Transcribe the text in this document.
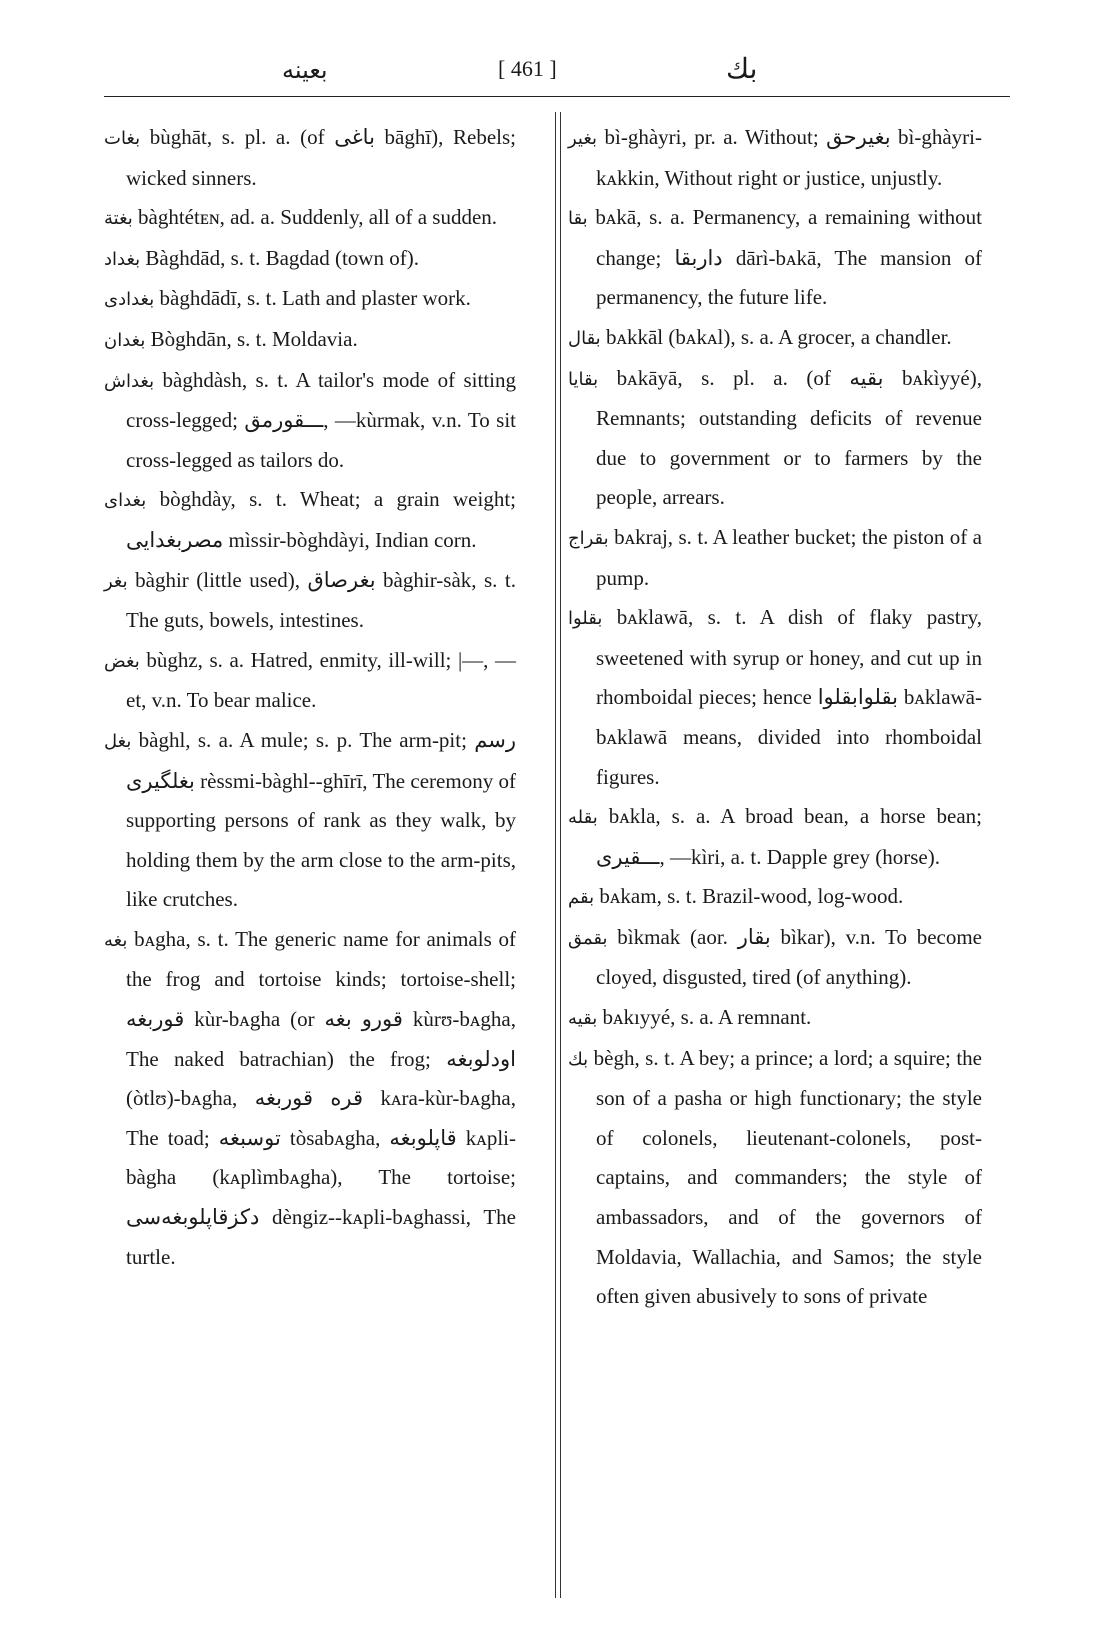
بعینه	[ 461 ]	بك

بغات bùghāt, s. pl. a. (of باغی bāghī), Rebels; wicked sinners.

بغتة bàghtétᴇɴ, ad. a. Suddenly, all of a sudden.

بغداد Bàghdād, s. t. Bagdad (town of).

بغدادی bàghdādī, s. t. Lath and plaster work.

بغدان Bòghdān, s. t. Moldavia.

بغداش bàghdàsh, s. t. A tailor's mode of sitting cross-legged; ـــقورمق, —kùrmak, v.n. To sit cross-legged as tailors do.

بغدای bòghdày, s. t. Wheat; a grain weight; مصربغدایی mìssir-bòghdàyi, Indian corn.

بغر bàghir (little used), بغرصاق bàghir-sàk, s. t. The guts, bowels, intestines.

بغض bùghz, s. a. Hatred, enmity, ill-will; |—, —et, v.n. To bear malice.

بغل bàghl, s. a. A mule; s. p. The arm-pit; رسم بغلگیری rèssmi-bàghl--ghīrī, The ceremony of supporting persons of rank as they walk, by holding them by the arm close to the arm-pits, like crutches.

بغه bᴀgha, s. t. The generic name for animals of the frog and tortoise kinds; tortoise-shell; قوربغه kùr-bᴀgha (or قورو بغه kùrʊ-bᴀgha, The naked batrachian) the frog; اودلوبغه (òtlʊ)-bᴀgha, قره قوربغه kᴀra-kùr-bᴀgha, The toad; توسبغه tòsabᴀgha, قاپلوبغه kᴀpli-bàgha (kᴀplìmbᴀgha), The tortoise; دکزقاپلوبغه‌سی dèngiz--kᴀpli-bᴀghassi, The turtle.

بغیر bì-ghàyri, pr. a. Without; بغیرحق bì-ghàyri-kᴀkkin, Without right or justice, unjustly.

بقا bᴀkā, s. a. Permanency, a remaining without change; داربقا dārì-bᴀkā, The mansion of permanency, the future life.

بقال bᴀkkāl (bᴀkᴀl), s. a. A grocer, a chandler.

بقایا bᴀkāyā, s. pl. a. (of بقیه bᴀkìyyé), Remnants; outstanding deficits of revenue due to government or to farmers by the people, arrears.

بقراج bᴀkraj, s. t. A leather bucket; the piston of a pump.

بقلوا bᴀklawā, s. t. A dish of flaky pastry, sweetened with syrup or honey, and cut up in rhomboidal pieces; hence بقلوابقلوا bᴀklawā-bᴀklawā means, divided into rhomboidal figures.

بقله bᴀkla, s. a. A broad bean, a horse bean; ـــقیری, —kìri, a. t. Dapple grey (horse).

بقم bᴀkam, s. t. Brazil-wood, log-wood.

بقمق bìkmak (aor. بقار bìkar), v.n. To become cloyed, disgusted, tired (of anything).

بقیه bᴀkıyyé, s. a. A remnant.

بك bègh, s. t. A bey; a prince; a lord; a squire; the son of a pasha or high functionary; the style of colonels, lieutenant-colonels, post-captains, and commanders; the style of ambassadors, and of the governors of Moldavia, Wallachia, and Samos; the style often given abusively to sons of private
